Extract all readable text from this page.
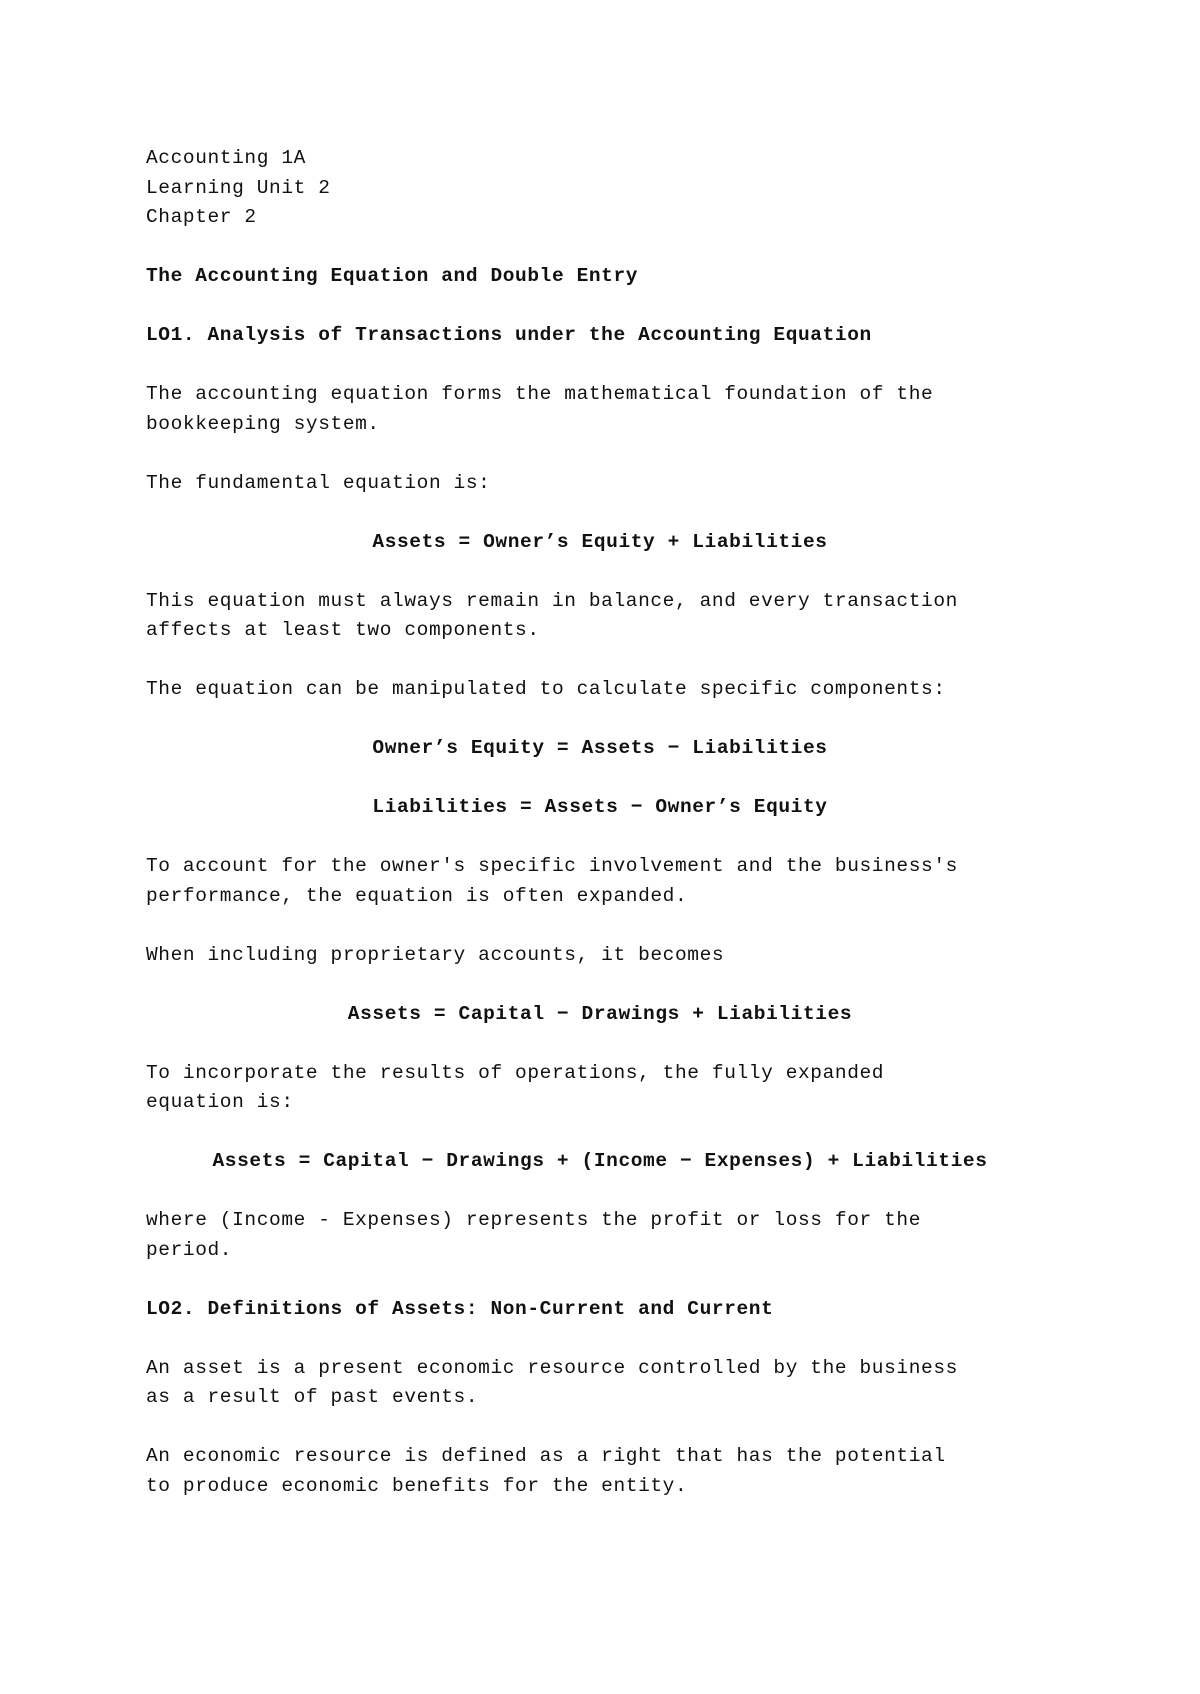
Accounting 1A
Learning Unit 2
Chapter 2
The Accounting Equation and Double Entry
LO1. Analysis of Transactions under the Accounting Equation
The accounting equation forms the mathematical foundation of the
bookkeeping system.
The fundamental equation is:
Assets = Owner’s Equity + Liabilities
This equation must always remain in balance, and every transaction
affects at least two components.
The equation can be manipulated to calculate specific components:
Owner’s Equity = Assets − Liabilities
Liabilities = Assets − Owner’s Equity
To account for the owner's specific involvement and the business's
performance, the equation is often expanded.
When including proprietary accounts, it becomes
Assets = Capital − Drawings + Liabilities
To incorporate the results of operations, the fully expanded
equation is:
Assets = Capital − Drawings + (Income − Expenses) + Liabilities
where (Income - Expenses) represents the profit or loss for the
period.
LO2. Definitions of Assets: Non-Current and Current
An asset is a present economic resource controlled by the business
as a result of past events.
An economic resource is defined as a right that has the potential
to produce economic benefits for the entity.
